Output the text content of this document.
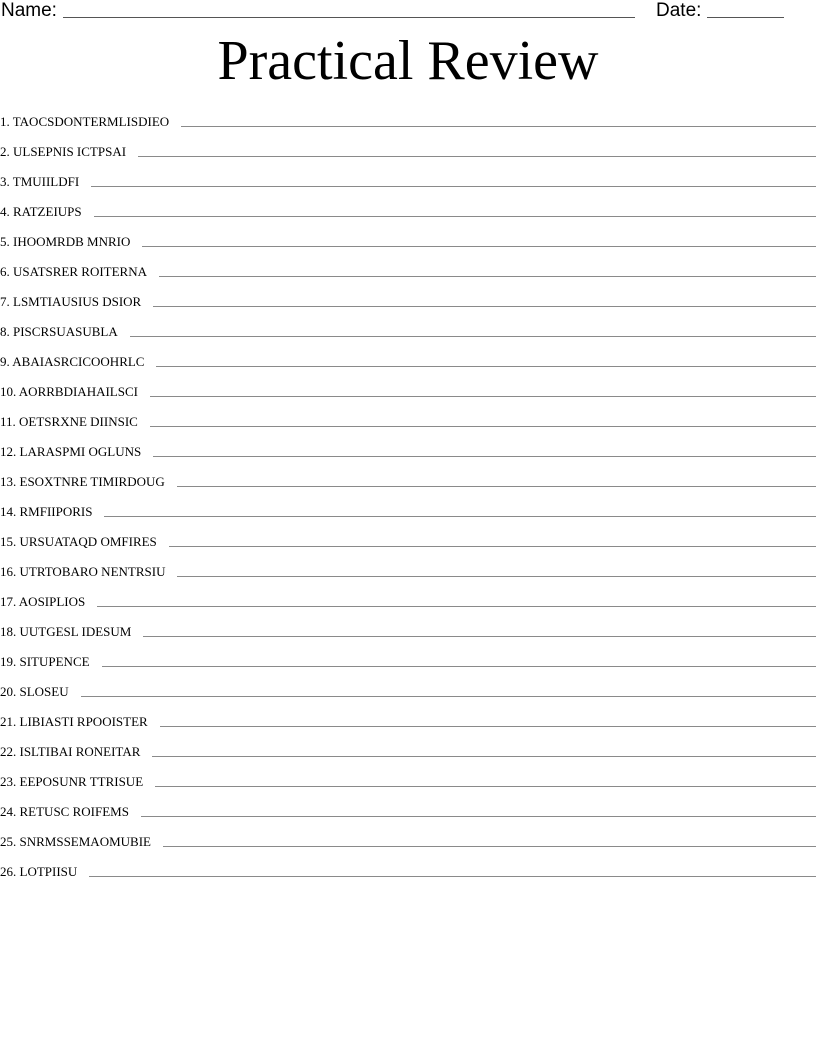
Name:	Date:
Practical Review
1. TAOCSDONTERMLISDIEO
2. ULSEPNIS ICTPSAI
3. TMUIILDFI
4. RATZEIUPS
5. IHOOMRDB MNRIO
6. USATSRER ROITERNA
7. LSMTIAUSIUS DSIOR
8. PISCRSUASUBLA
9. ABAIASRCICOOHRLC
10. AORRBDIAHAILSCI
11. OETSRXNE DIINSIC
12. LARASPMI OGLUNS
13. ESOXTNRE TIMIRDOUG
14. RMFIIPORIS
15. URSUATAQD OMFIRES
16. UTRTOBARO NENTRSIU
17. AOSIPLIOS
18. UUTGESL IDESUM
19. SITUPENCE
20. SLOSEU
21. LIBIASTI RPOOISTER
22. ISLTIBAI RONEITAR
23. EEPOSUNR TTRISUE
24. RETUSC ROIFEMS
25. SNRMSSEMAOMUBIE
26. LOTPIISU
